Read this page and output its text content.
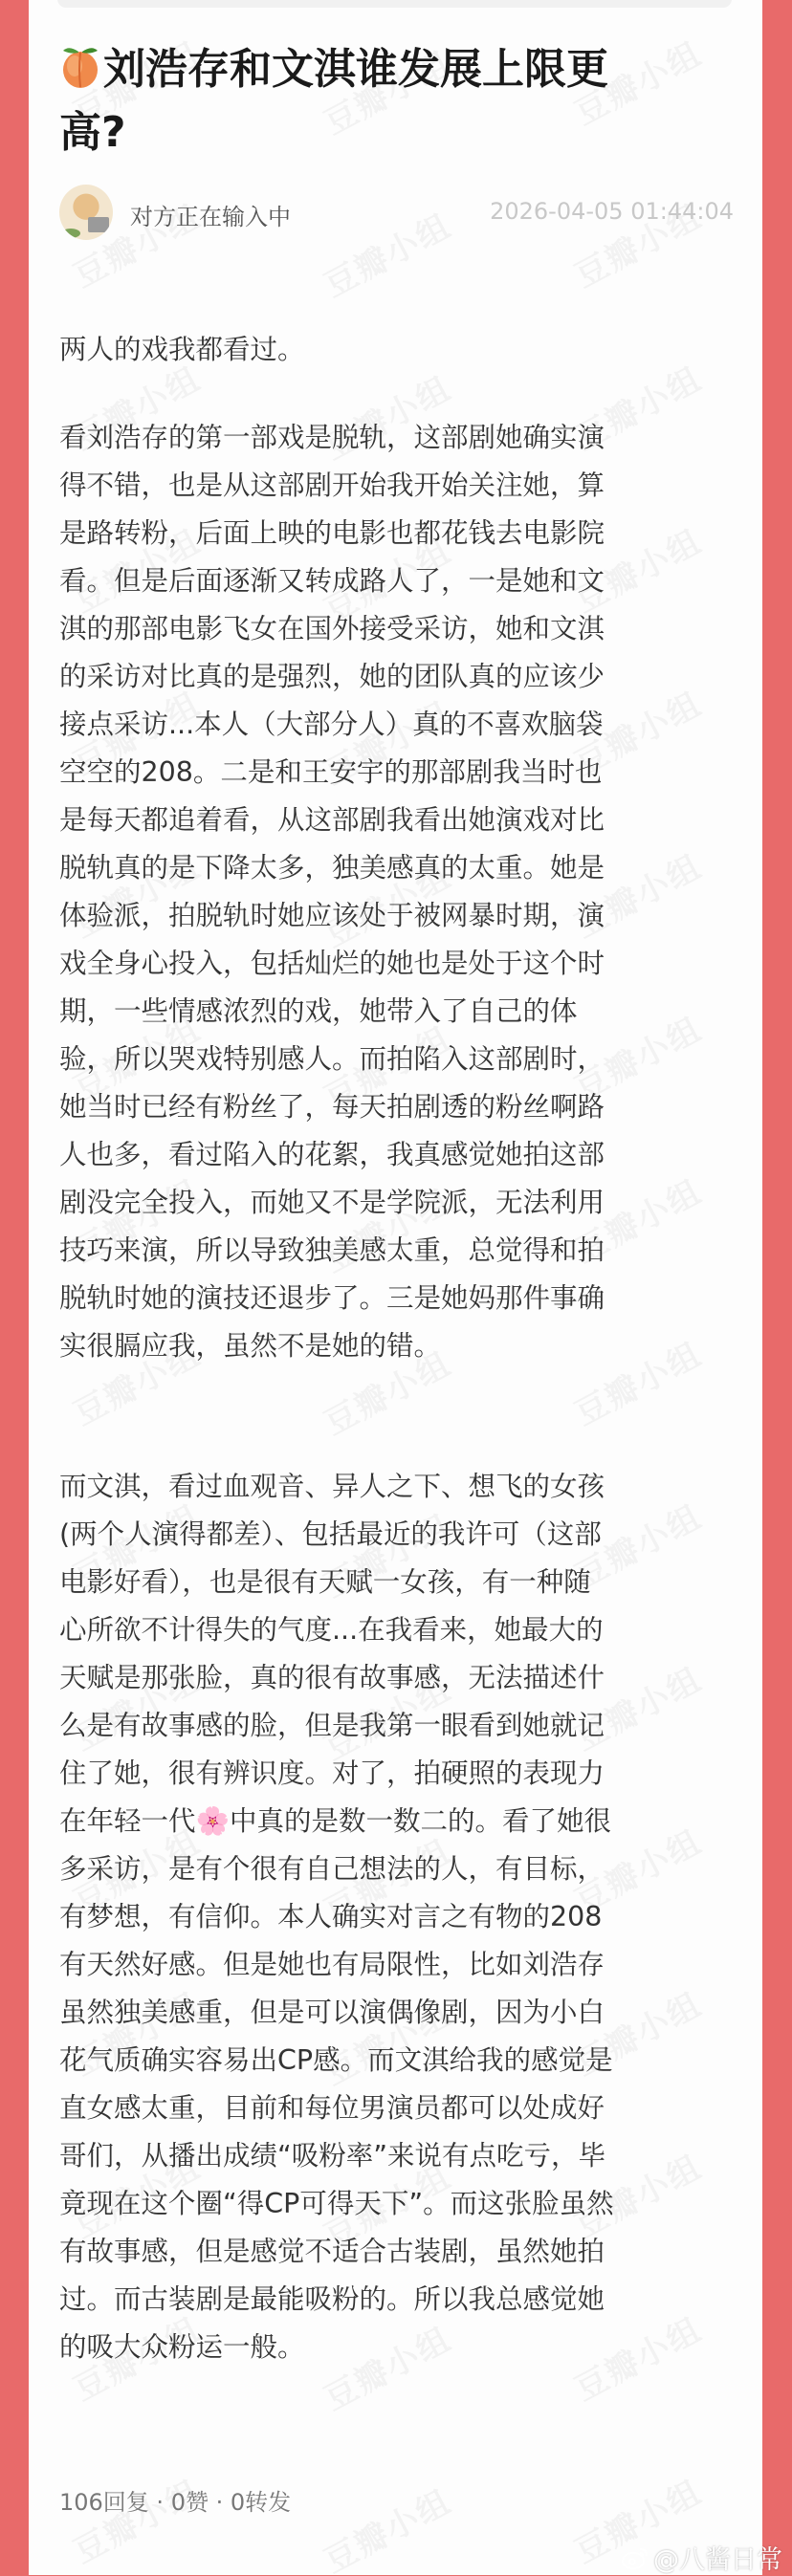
刘浩存和文淇谁发展上限更
高?
对方正在输入中	2026-04-05 01:44:04
两人的戏我都看过。
看刘浩存的第一部戏是脱轨，这部剧她确实演
得不错，也是从这部剧开始我开始关注她，算
是路转粉，后面上映的电影也都花钱去电影院
看。但是后面逐渐又转成路人了，一是她和文
淇的那部电影飞女在国外接受采访，她和文淇
的采访对比真的是强烈，她的团队真的应该少
接点采访...本人（大部分人）真的不喜欢脑袋
空空的208。二是和王安宇的那部剧我当时也
是每天都追着看，从这部剧我看出她演戏对比
脱轨真的是下降太多，独美感真的太重。她是
体验派，拍脱轨时她应该处于被网暴时期，演
戏全身心投入，包括灿烂的她也是处于这个时
期，一些情感浓烈的戏，她带入了自己的体
验，所以哭戏特别感人。而拍陷入这部剧时，
她当时已经有粉丝了，每天拍剧透的粉丝啊路
人也多，看过陷入的花絮，我真感觉她拍这部
剧没完全投入，而她又不是学院派，无法利用
技巧来演，所以导致独美感太重，总觉得和拍
脱轨时她的演技还退步了。三是她妈那件事确
实很膈应我，虽然不是她的错。
而文淇，看过血观音、异人之下、想飞的女孩
(两个人演得都差）、包括最近的我许可（这部
电影好看），也是很有天赋一女孩，有一种随
心所欲不计得失的气度...在我看来，她最大的
天赋是那张脸，真的很有故事感，无法描述什
么是有故事感的脸，但是我第一眼看到她就记
住了她，很有辨识度。对了，拍硬照的表现力
在年轻一代🌸中真的是数一数二的。看了她很
多采访，是有个很有自己想法的人，有目标，
有梦想，有信仰。本人确实对言之有物的208
有天然好感。但是她也有局限性，比如刘浩存
虽然独美感重，但是可以演偶像剧，因为小白
花气质确实容易出CP感。而文淇给我的感觉是
直女感太重，目前和每位男演员都可以处成好
哥们，从播出成绩“吸粉率”来说有点吃亏，毕
竟现在这个圈“得CP可得天下”。而这张脸虽然
有故事感，但是感觉不适合古装剧，虽然她拍
过。而古装剧是最能吸粉的。所以我总感觉她
的吸大众粉运一般。
106回复 · 0赞 · 0转发
@八酱日常
